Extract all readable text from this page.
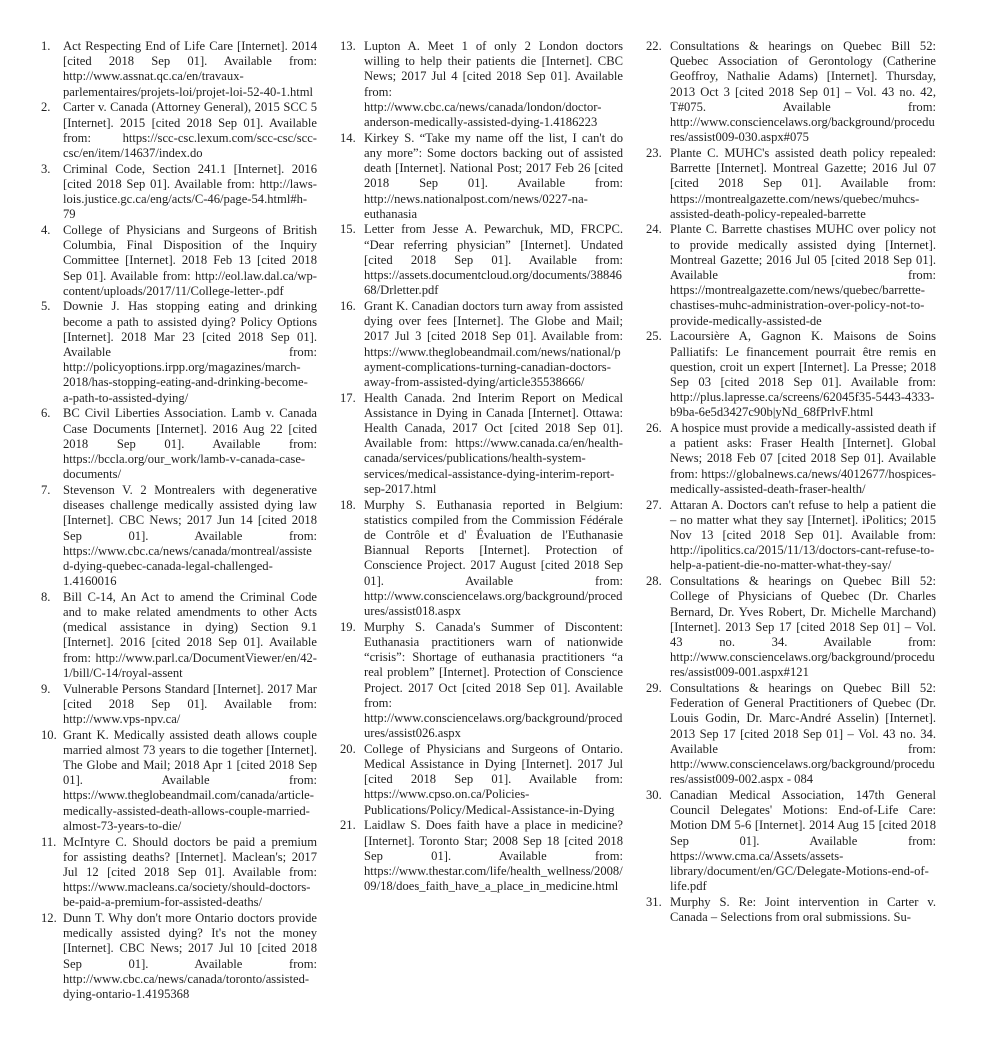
1. Act Respecting End of Life Care [Internet]. 2014 [cited 2018 Sep 01]. Available from: http://www.assnat.qc.ca/en/travaux-parlementaires/projets-loi/projet-loi-52-40-1.html
2. Carter v. Canada (Attorney General), 2015 SCC 5 [Internet]. 2015 [cited 2018 Sep 01]. Available from: https://scc-csc.lexum.com/scc-csc/scc-csc/en/item/14637/index.do
3. Criminal Code, Section 241.1 [Internet]. 2016 [cited 2018 Sep 01]. Available from: http://laws-lois.justice.gc.ca/eng/acts/C-46/page-54.html#h-79
4. College of Physicians and Surgeons of British Columbia, Final Disposition of the Inquiry Committee [Internet]. 2018 Feb 13 [cited 2018 Sep 01]. Available from: http://eol.law.dal.ca/wp-content/uploads/2017/11/College-letter-.pdf
5. Downie J. Has stopping eating and drinking become a path to assisted dying? Policy Options [Internet]. 2018 Mar 23 [cited 2018 Sep 01]. Available from: http://policyoptions.irpp.org/magazines/march-2018/has-stopping-eating-and-drinking-become-a-path-to-assisted-dying/
6. BC Civil Liberties Association. Lamb v. Canada Case Documents [Internet]. 2016 Aug 22 [cited 2018 Sep 01]. Available from: https://bccla.org/our_work/lamb-v-canada-case-documents/
7. Stevenson V. 2 Montrealers with degenerative diseases challenge medically assisted dying law [Internet]. CBC News; 2017 Jun 14 [cited 2018 Sep 01]. Available from: https://www.cbc.ca/news/canada/montreal/assisted-dying-quebec-canada-legal-challenged-1.4160016
8. Bill C-14, An Act to amend the Criminal Code and to make related amendments to other Acts (medical assistance in dying) Section 9.1 [Internet]. 2016 [cited 2018 Sep 01]. Available from: http://www.parl.ca/DocumentViewer/en/42-1/bill/C-14/royal-assent
9. Vulnerable Persons Standard [Internet]. 2017 Mar [cited 2018 Sep 01]. Available from: http://www.vps-npv.ca/
10. Grant K. Medically assisted death allows couple married almost 73 years to die together [Internet]. The Globe and Mail; 2018 Apr 1 [cited 2018 Sep 01]. Available from: https://www.theglobeandmail.com/canada/article-medically-assisted-death-allows-couple-married-almost-73-years-to-die/
11. McIntyre C. Should doctors be paid a premium for assisting deaths? [Internet]. Maclean's; 2017 Jul 12 [cited 2018 Sep 01]. Available from: https://www.macleans.ca/society/should-doctors-be-paid-a-premium-for-assisted-deaths/
12. Dunn T. Why don't more Ontario doctors provide medically assisted dying? It's not the money [Internet]. CBC News; 2017 Jul 10 [cited 2018 Sep 01]. Available from: http://www.cbc.ca/news/canada/toronto/assisted-dying-ontario-1.4195368
13. Lupton A. Meet 1 of only 2 London doctors willing to help their patients die [Internet]. CBC News; 2017 Jul 4 [cited 2018 Sep 01]. Available from: http://www.cbc.ca/news/canada/london/doctor-anderson-medically-assisted-dying-1.4186223
14. Kirkey S. “Take my name off the list, I can't do any more”: Some doctors backing out of assisted death [Internet]. National Post; 2017 Feb 26 [cited 2018 Sep 01]. Available from: http://news.nationalpost.com/news/0227-na-euthanasia
15. Letter from Jesse A. Pewarchuk, MD, FRCPC. “Dear referring physician” [Internet]. Undated [cited 2018 Sep 01]. Available from: https://assets.documentcloud.org/documents/3884668/Drletter.pdf
16. Grant K. Canadian doctors turn away from assisted dying over fees [Internet]. The Globe and Mail; 2017 Jul 3 [cited 2018 Sep 01]. Available from: https://www.theglobeandmail.com/news/national/payment-complications-turning-canadian-doctors-away-from-assisted-dying/article35538666/
17. Health Canada. 2nd Interim Report on Medical Assistance in Dying in Canada [Internet]. Ottawa: Health Canada, 2017 Oct [cited 2018 Sep 01]. Available from: https://www.canada.ca/en/health-canada/services/publications/health-system-services/medical-assistance-dying-interim-report-sep-2017.html
18. Murphy S. Euthanasia reported in Belgium: statistics compiled from the Commission Fédérale de Contrôle et d' Évaluation de l'Euthanasie Biannual Reports [Internet]. Protection of Conscience Project. 2017 August [cited 2018 Sep 01]. Available from: http://www.consciencelaws.org/background/procedures/assist018.aspx
19. Murphy S. Canada's Summer of Discontent: Euthanasia practitioners warn of nationwide “crisis”: Shortage of euthanasia practitioners “a real problem” [Internet]. Protection of Conscience Project. 2017 Oct [cited 2018 Sep 01]. Available from: http://www.consciencelaws.org/background/procedures/assist026.aspx
20. College of Physicians and Surgeons of Ontario. Medical Assistance in Dying [Internet]. 2017 Jul [cited 2018 Sep 01]. Available from: https://www.cpso.on.ca/Policies-Publications/Policy/Medical-Assistance-in-Dying
21. Laidlaw S. Does faith have a place in medicine? [Internet]. Toronto Star; 2008 Sep 18 [cited 2018 Sep 01]. Available from: https://www.thestar.com/life/health_wellness/2008/09/18/does_faith_have_a_place_in_medicine.html
22. Consultations & hearings on Quebec Bill 52: Quebec Association of Gerontology (Catherine Geoffroy, Nathalie Adams) [Internet]. Thursday, 2013 Oct 3 [cited 2018 Sep 01] – Vol. 43 no. 42, T#075. Available from: http://www.consciencelaws.org/background/procedures/assist009-030.aspx#075
23. Plante C. MUHC's assisted death policy repealed: Barrette [Internet]. Montreal Gazette; 2016 Jul 07 [cited 2018 Sep 01]. Available from: https://montrealgazette.com/news/quebec/muhcs-assisted-death-policy-repealed-barrette
24. Plante C. Barrette chastises MUHC over policy not to provide medically assisted dying [Internet]. Montreal Gazette; 2016 Jul 05 [cited 2018 Sep 01]. Available from: https://montrealgazette.com/news/quebec/barrette-chastises-muhc-administration-over-policy-not-to-provide-medically-assisted-de
25. Lacoursière A, Gagnon K. Maisons de Soins Palliatifs: Le financement pourrait être remis en question, croit un expert [Internet]. La Presse; 2018 Sep 03 [cited 2018 Sep 01]. Available from: http://plus.lapresse.ca/screens/62045f35-5443-4333-b9ba-6e5d3427c90b|yNd_68fPrlvF.html
26. A hospice must provide a medically-assisted death if a patient asks: Fraser Health [Internet]. Global News; 2018 Feb 07 [cited 2018 Sep 01]. Available from: https://globalnews.ca/news/4012677/hospices-medically-assisted-death-fraser-health/
27. Attaran A. Doctors can't refuse to help a patient die – no matter what they say [Internet]. iPolitics; 2015 Nov 13 [cited 2018 Sep 01]. Available from: http://ipolitics.ca/2015/11/13/doctors-cant-refuse-to-help-a-patient-die-no-matter-what-they-say/
28. Consultations & hearings on Quebec Bill 52: College of Physicians of Quebec (Dr. Charles Bernard, Dr. Yves Robert, Dr. Michelle Marchand) [Internet]. 2013 Sep 17 [cited 2018 Sep 01] – Vol. 43 no. 34. Available from: http://www.consciencelaws.org/background/procedures/assist009-001.aspx#121
29. Consultations & hearings on Quebec Bill 52: Federation of General Practitioners of Quebec (Dr. Louis Godin, Dr. Marc-André Asselin) [Internet]. 2013 Sep 17 [cited 2018 Sep 01] – Vol. 43 no. 34. Available from: http://www.consciencelaws.org/background/procedures/assist009-002.aspx - 084
30. Canadian Medical Association, 147th General Council Delegates' Motions: End-of-Life Care: Motion DM 5-6 [Internet]. 2014 Aug 15 [cited 2018 Sep 01]. Available from: https://www.cma.ca/Assets/assets-library/document/en/GC/Delegate-Motions-end-of-life.pdf
31. Murphy S. Re: Joint intervention in Carter v. Canada – Selections from oral submissions. Su-
